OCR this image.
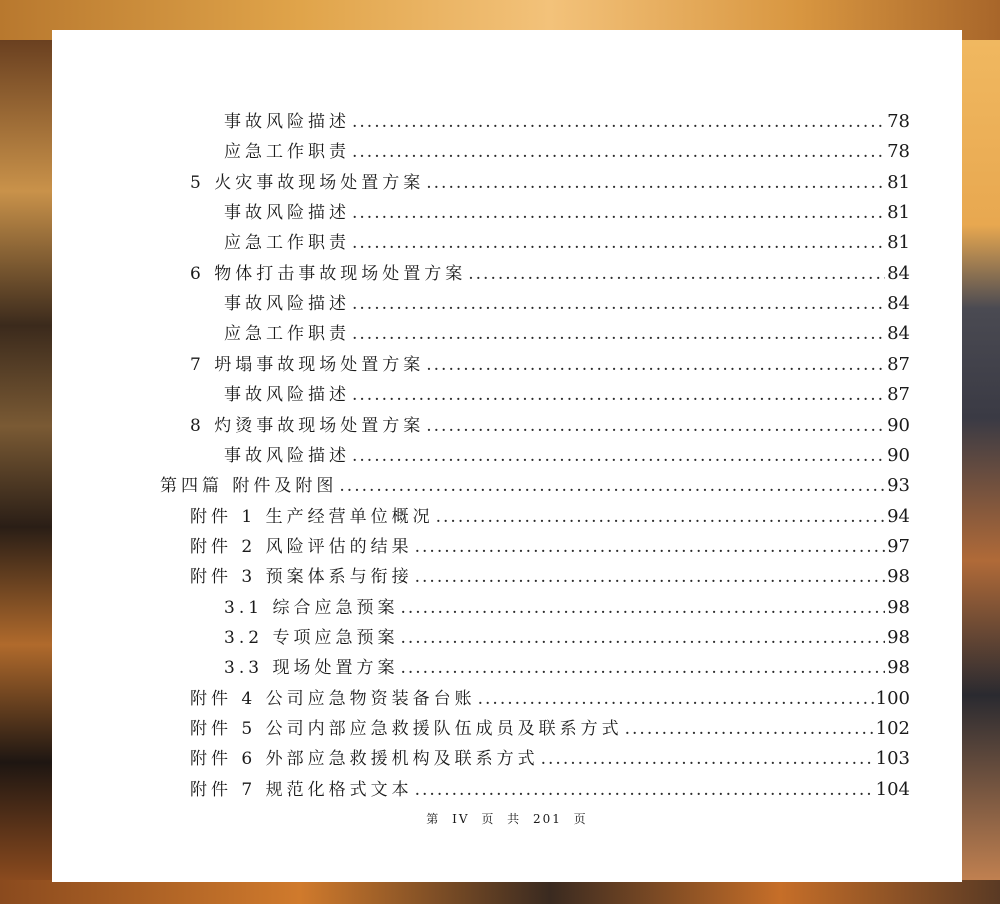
事故风险描述 .....	78
应急工作职责 .....	78
5 火灾事故现场处置方案 .....	81
事故风险描述 .....	81
应急工作职责 .....	81
6 物体打击事故现场处置方案 .....	84
事故风险描述 .....	84
应急工作职责 .....	84
7 坍塌事故现场处置方案 .....	87
事故风险描述 .....	87
8 灼烫事故现场处置方案 .....	90
事故风险描述 .....	90
第四篇 附件及附图 .....	93
附件 1 生产经营单位概况 .....	94
附件 2 风险评估的结果 .....	97
附件 3 预案体系与衔接 .....	98
3.1 综合应急预案 .....	98
3.2 专项应急预案 .....	98
3.3 现场处置方案 .....	98
附件 4 公司应急物资装备台账 .....	100
附件 5 公司内部应急救援队伍成员及联系方式 .....	102
附件 6 外部应急救援机构及联系方式 .....	103
附件 7 规范化格式文本 .....	104
第 IV 页 共 201 页
